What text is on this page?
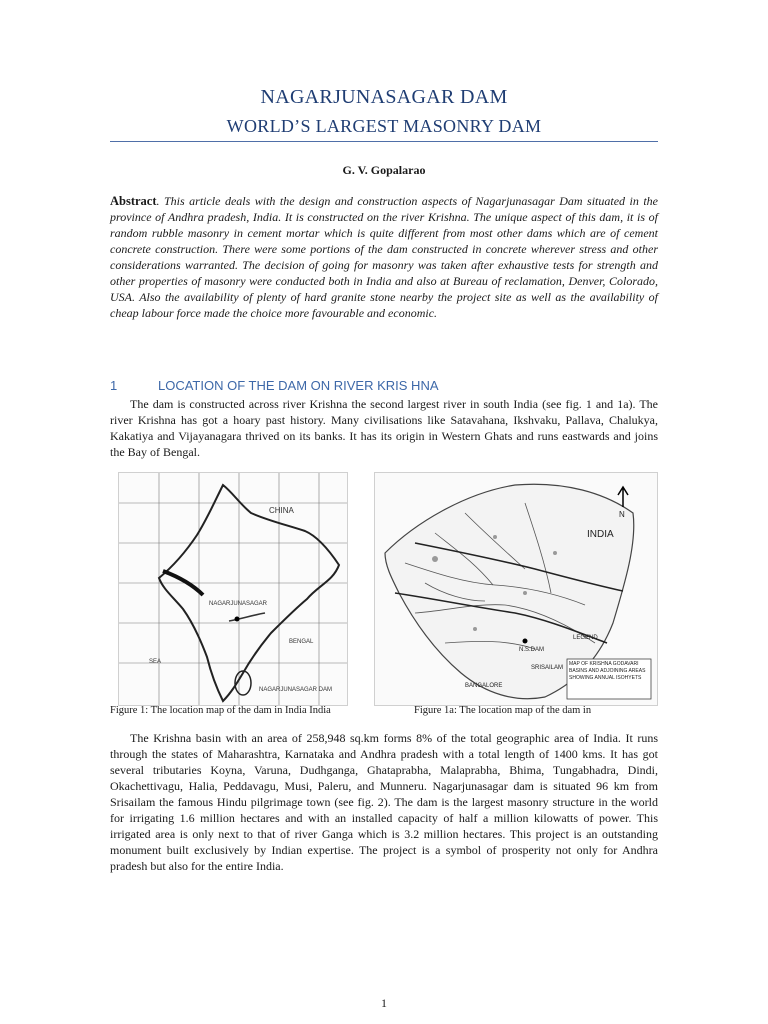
NAGARJUNASAGAR DAM
WORLD’S LARGEST MASONRY DAM
G. V. Gopalarao
Abstract. This article deals with the design and construction aspects of Nagarjunasagar Dam situated in the province of Andhra pradesh, India. It is constructed on the river Krishna. The unique aspect of this dam, it is of random rubble masonry in cement mortar which is quite different from most other dams which are of cement concrete construction. There were some portions of the dam constructed in concrete wherever stress and other considerations warranted. The decision of going for masonry was taken after exhaustive tests for strength and other properties of masonry were conducted both in India and also at Bureau of reclamation, Denver, Colorado, USA. Also the availability of plenty of hard granite stone nearby the project site as well as the availability of cheap labour force made the choice more favourable and economic.
1	LOCATION OF THE DAM ON RIVER KRIS HNA
The dam is constructed across river Krishna the second largest river in south India (see fig. 1 and 1a). The river Krishna has got a hoary past history. Many civilisations like Satavahana, Ikshvaku, Pallava, Chalukya, Kakatiya and Vijayanagara thrived on its banks. It has its origin in Western Ghats and runs eastwards and joins the Bay of Bengal.
CHINA
NAGARJUNASAGAR
SEA
BENGAL
NAGARJUNASAGAR DAM
N
INDIA
N.S.DAM
SRISAILAM
LEGEND
BANGALORE
MAP OF KRISHNA GODAVARI BASINS AND ADJOINING AREAS SHOWING ANNUAL ISOHYETS
Figure 1: The location map of the dam in India India	Figure 1a: The location map of the dam in
The Krishna basin with an area of 258,948 sq.km forms 8% of the total geographic area of India. It runs through the states of Maharashtra, Karnataka and Andhra pradesh with a total length of 1400 kms. It has got several tributaries Koyna, Varuna, Dudhganga, Ghataprabha, Malaprabha, Bhima, Tungabhadra, Dindi, Okachettivagu, Halia, Peddavagu, Musi, Paleru, and Munneru. Nagarjunasagar dam is situated 96 km from Srisailam the famous Hindu pilgrimage town (see fig. 2). The dam is the largest masonry structure in the world for irrigating 1.6 million hectares and with an installed capacity of half a million kilowatts of power. This irrigated area is only next to that of river Ganga which is 3.2 million hectares. This project is an outstanding monument built exclusively by Indian expertise. The project is a symbol of prosperity not only for Andhra pradesh but also for the entire India.
1
